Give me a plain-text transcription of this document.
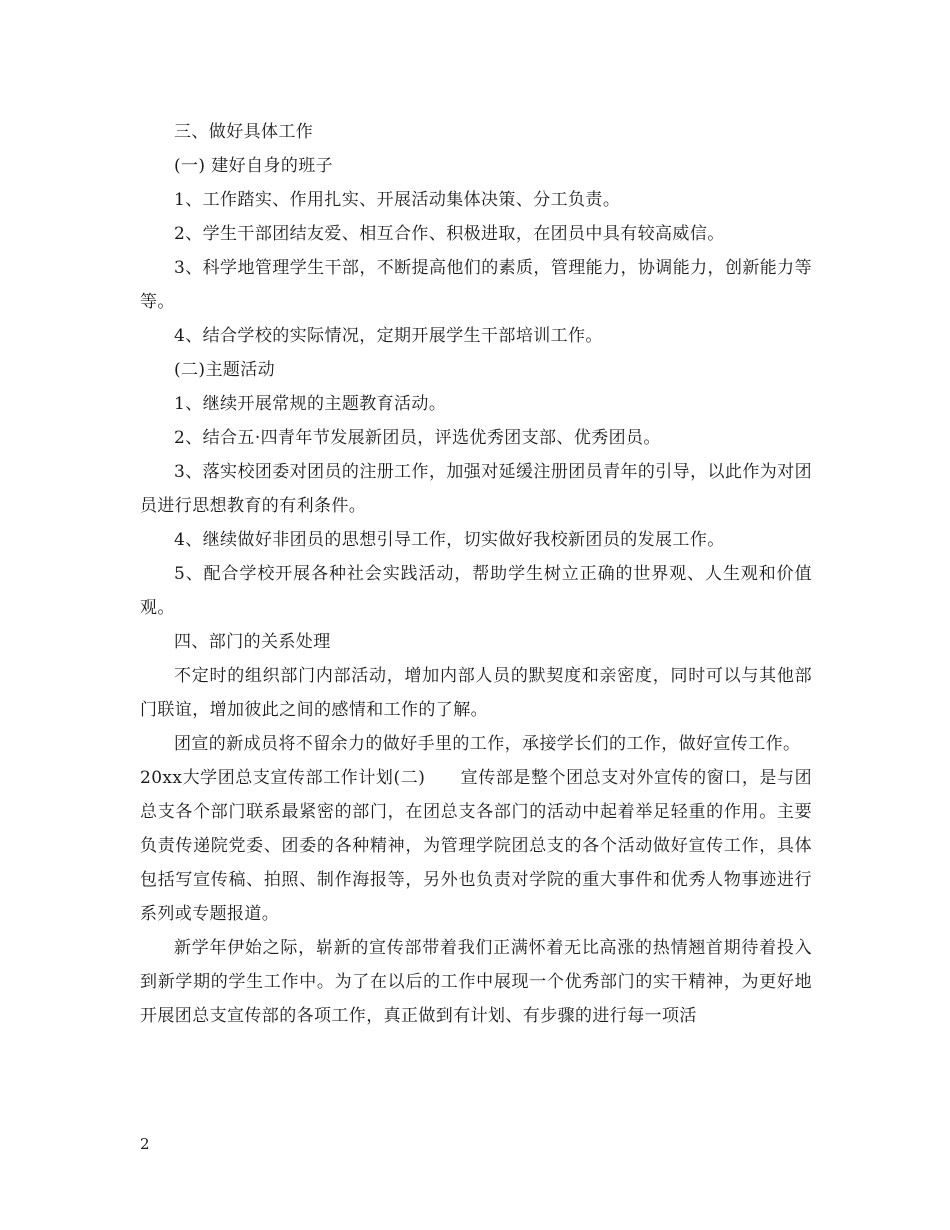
三、做好具体工作

(一) 建好自身的班子

1、工作踏实、作用扎实、开展活动集体决策、分工负责。

2、学生干部团结友爱、相互合作、积极进取，在团员中具有较高威信。

3、科学地管理学生干部，不断提高他们的素质，管理能力，协调能力，创新能力等等。

4、结合学校的实际情况，定期开展学生干部培训工作。

(二)主题活动

1、继续开展常规的主题教育活动。

2、结合五·四青年节发展新团员，评选优秀团支部、优秀团员。

3、落实校团委对团员的注册工作，加强对延缓注册团员青年的引导，以此作为对团员进行思想教育的有利条件。

4、继续做好非团员的思想引导工作，切实做好我校新团员的发展工作。

5、配合学校开展各种社会实践活动，帮助学生树立正确的世界观、人生观和价值观。

四、部门的关系处理

不定时的组织部门内部活动，增加内部人员的默契度和亲密度，同时可以与其他部门联谊，增加彼此之间的感情和工作的了解。

团宣的新成员将不留余力的做好手里的工作，承接学长们的工作，做好宣传工作。

20xx大学团总支宣传部工作计划(二)　　宣传部是整个团总支对外宣传的窗口，是与团总支各个部门联系最紧密的部门，在团总支各部门的活动中起着举足轻重的作用。主要负责传递院党委、团委的各种精神，为管理学院团总支的各个活动做好宣传工作，具体包括写宣传稿、拍照、制作海报等，另外也负责对学院的重大事件和优秀人物事迹进行系列或专题报道。

新学年伊始之际，崭新的宣传部带着我们正满怀着无比高涨的热情翘首期待着投入到新学期的学生工作中。为了在以后的工作中展现一个优秀部门的实干精神，为更好地开展团总支宣传部的各项工作，真正做到有计划、有步骤的进行每一项活

2
